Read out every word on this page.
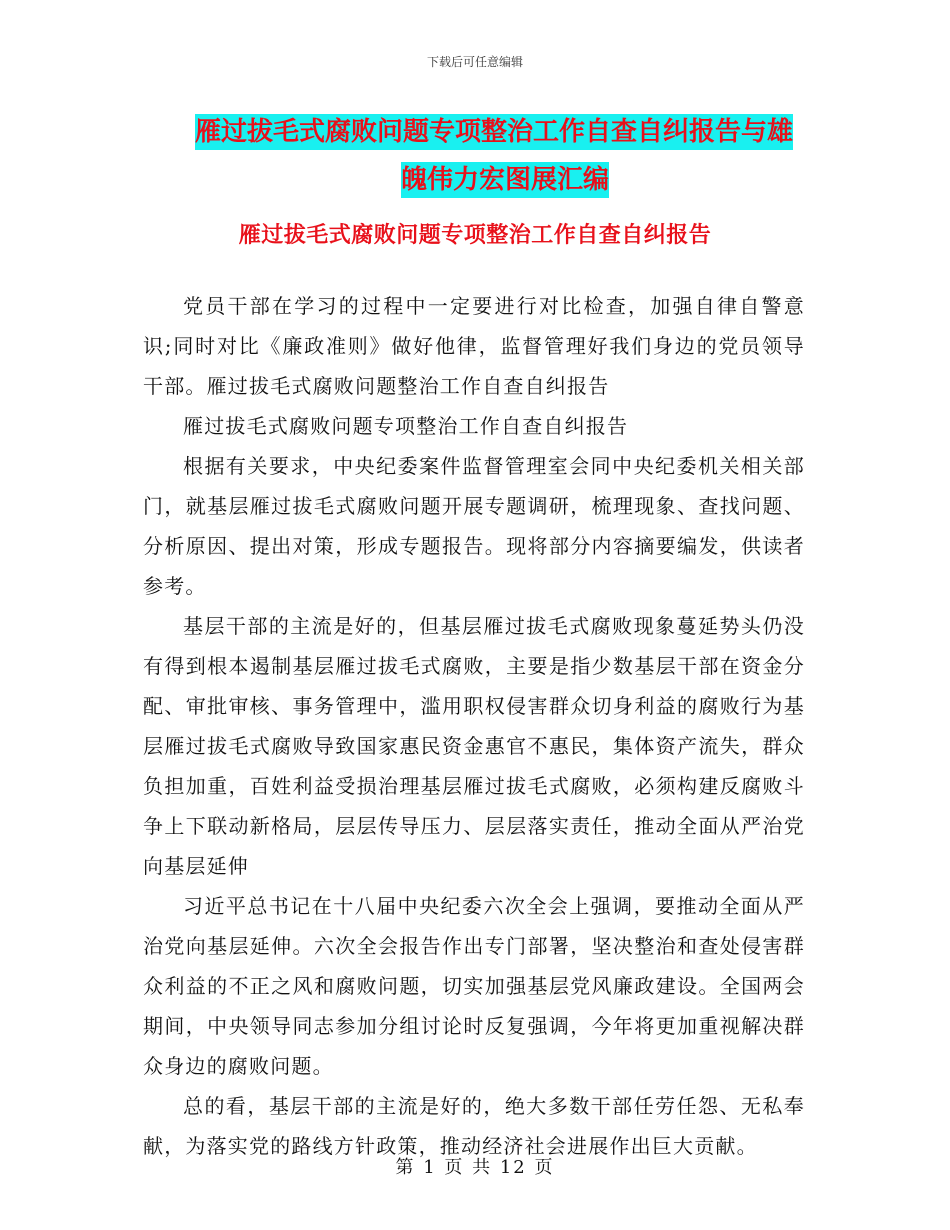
下载后可任意编辑
雁过拔毛式腐败问题专项整治工作自查自纠报告与雄
魄伟力宏图展汇编
雁过拔毛式腐败问题专项整治工作自查自纠报告

党员干部在学习的过程中一定要进行对比检查，加强自律自警意识;同时对比《廉政准则》做好他律，监督管理好我们身边的党员领导干部。雁过拔毛式腐败问题整治工作自查自纠报告

雁过拔毛式腐败问题专项整治工作自查自纠报告

根据有关要求，中央纪委案件监督管理室会同中央纪委机关相关部门，就基层雁过拔毛式腐败问题开展专题调研，梳理现象、查找问题、分析原因、提出对策，形成专题报告。现将部分内容摘要编发，供读者参考。

基层干部的主流是好的，但基层雁过拔毛式腐败现象蔓延势头仍没有得到根本遏制基层雁过拔毛式腐败，主要是指少数基层干部在资金分配、审批审核、事务管理中，滥用职权侵害群众切身利益的腐败行为基层雁过拔毛式腐败导致国家惠民资金惠官不惠民，集体资产流失，群众负担加重，百姓利益受损治理基层雁过拔毛式腐败，必须构建反腐败斗争上下联动新格局，层层传导压力、层层落实责任，推动全面从严治党向基层延伸

习近平总书记在十八届中央纪委六次全会上强调，要推动全面从严治党向基层延伸。六次全会报告作出专门部署，坚决整治和查处侵害群众利益的不正之风和腐败问题，切实加强基层党风廉政建设。全国两会期间，中央领导同志参加分组讨论时反复强调，今年将更加重视解决群众身边的腐败问题。

总的看，基层干部的主流是好的，绝大多数干部任劳任怨、无私奉献，为落实党的路线方针政策，推动经济社会进展作出巨大贡献。

第 1 页 共 12 页
